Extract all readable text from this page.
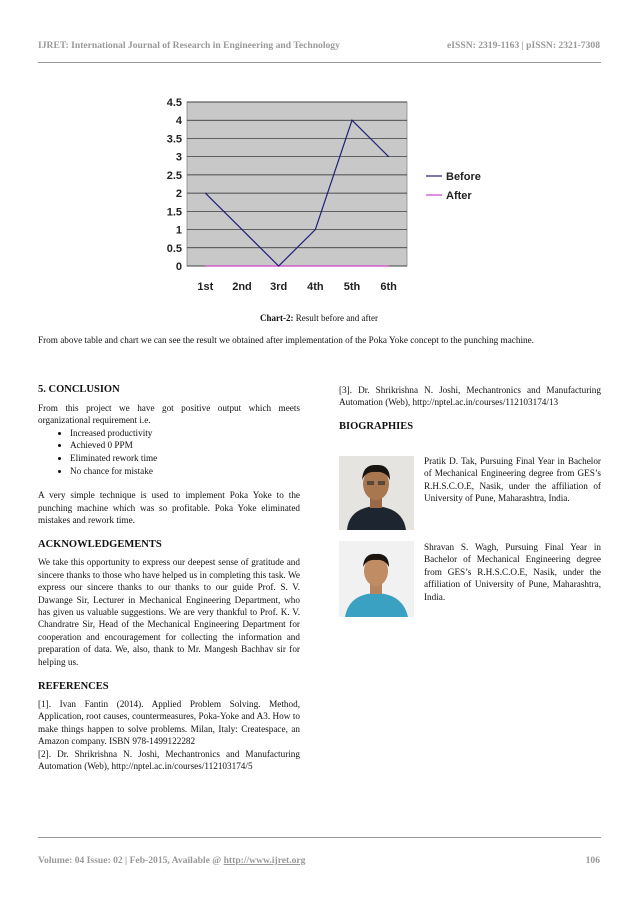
IJRET: International Journal of Research in Engineering and Technology	eISSN: 2319-1163 | pISSN: 2321-7308
0
0.5
1
1.5
2
2.5
3
3.5
4
4.5
1st 2nd 3rd 4th 5th 6th
Before
After
Chart-2: Result before and after
From above table and chart we can see the result we obtained after implementation of the Poka Yoke concept to the punching machine.
5. CONCLUSION
From this project we have got positive output which meets organizational requirement i.e.
• Increased productivity
• Achieved 0 PPM
• Eliminated rework time
• No chance for mistake
A very simple technique is used to implement Poka Yoke to the punching machine which was so profitable. Poka Yoke eliminated mistakes and rework time.
ACKNOWLEDGEMENTS
We take this opportunity to express our deepest sense of gratitude and sincere thanks to those who have helped us in completing this task. We express our sincere thanks to our thanks to our guide Prof. S. V. Dawange Sir, Lecturer in Mechanical Engineering Department, who has given us valuable suggestions. We are very thankful to Prof. K. V. Chandratre Sir, Head of the Mechanical Engineering Department for cooperation and encouragement for collecting the information and preparation of data. We, also, thank to Mr. Mangesh Bachhav sir for helping us.
REFERENCES
[1]. Ivan Fantin (2014). Applied Problem Solving. Method, Application, root causes, countermeasures, Poka-Yoke and A3. How to make things happen to solve problems. Milan, Italy: Createspace, an Amazon company. ISBN 978-1499122282
[2]. Dr. Shrikrishna N. Joshi, Mechantronics and Manufacturing Automation (Web), http://nptel.ac.in/courses/112103174/5
[3]. Dr. Shrikrishna N. Joshi, Mechantronics and Manufacturing Automation (Web), http://nptel.ac.in/courses/112103174/13
BIOGRAPHIES
Pratik D. Tak, Pursuing Final Year in Bachelor of Mechanical Engineering degree from GES’s R.H.S.C.O.E, Nasik, under the affiliation of University of Pune, Maharashtra, India.
Shravan S. Wagh, Pursuing Final Year in Bachelor of Mechanical Engineering degree from GES’s R.H.S.C.O.E, Nasik, under the affiliation of University of Pune, Maharashtra, India.
Volume: 04 Issue: 02 | Feb-2015, Available @ http://www.ijret.org	106
